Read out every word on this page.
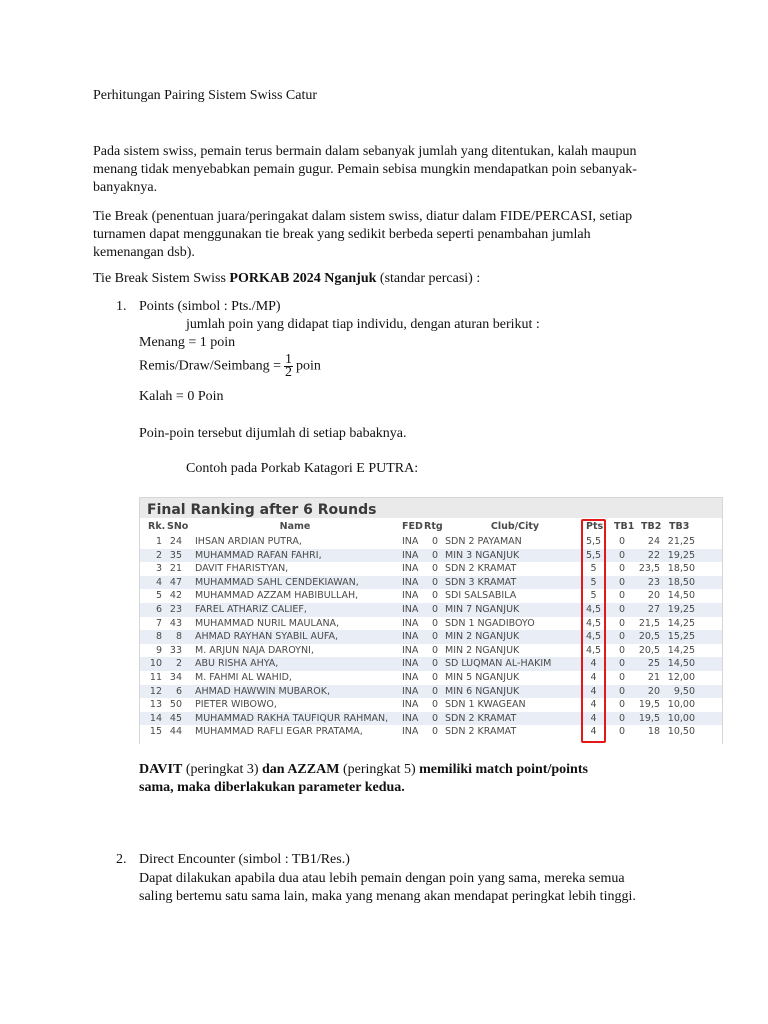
Perhitungan Pairing Sistem Swiss Catur
Pada sistem swiss, pemain terus bermain dalam sebanyak jumlah yang ditentukan, kalah maupun menang tidak menyebabkan pemain gugur. Pemain sebisa mungkin mendapatkan poin sebanyak-banyaknya.
Tie Break (penentuan juara/peringakat dalam sistem swiss, diatur dalam FIDE/PERCASI, setiap turnamen dapat menggunakan tie break yang sedikit berbeda seperti penambahan jumlah kemenangan dsb).
Tie Break Sistem Swiss PORKAB 2024 Nganjuk (standar percasi) :
1. Points (simbol : Pts./MP)
jumlah poin yang didapat tiap individu, dengan aturan berikut :
Menang = 1 poin
Remis/Draw/Seimbang = $\frac{1}{2}$ poin
Kalah = 0 Poin
Poin-poin tersebut dijumlah di setiap babaknya.
Contoh pada Porkab Katagori E PUTRA:
Final Ranking after 6 Rounds
Rk. SNo	Name	FED Rtg	Club/City	Pts. TB1 TB2 TB3
1 24 IHSAN ARDIAN PUTRA,	INA	0 SDN 2 PAYAMAN	5,5	0	24 21,25
2 35 MUHAMMAD RAFAN FAHRI,	INA	0 MIN 3 NGANJUK	5,5	0	22 19,25
3 21 DAVIT FHARISTYAN,	INA	0 SDN 2 KRAMAT	5	0	23,5 18,50
4 47 MUHAMMAD SAHL CENDEKIAWAN,	INA	0 SDN 3 KRAMAT	5	0	23 18,50
5 42 MUHAMMAD AZZAM HABIBULLAH,	INA	0 SDI SALSABILA	5	0	20 14,50
6 23 FAREL ATHARIZ CALIEF,	INA	0 MIN 7 NGANJUK	4,5	0	27 19,25
7 43 MUHAMMAD NURIL MAULANA,	INA	0 SDN 1 NGADIBOYO	4,5	0	21,5 14,25
8	8 AHMAD RAYHAN SYABIL AUFA,	INA	0 MIN 2 NGANJUK	4,5	0	20,5 15,25
9 33 M. ARJUN NAJA DAROYNI,	INA	0 MIN 2 NGANJUK	4,5	0	20,5 14,25
10	2 ABU RISHA AHYA,	INA	0 SD LUQMAN AL-HAKIM	4	0	25 14,50
11 34 M. FAHMI AL WAHID,	INA	0 MIN 5 NGANJUK	4	0	21 12,00
12	6 AHMAD HAWWIN MUBAROK,	INA	0 MIN 6 NGANJUK	4	0	20	9,50
13 50 PIETER WIBOWO,	INA	0 SDN 1 KWAGEAN	4	0	19,5 10,00
14 45 MUHAMMAD RAKHA TAUFIQUR RAHMAN,	INA	0 SDN 2 KRAMAT	4	0	19,5 10,00
15 44 MUHAMMAD RAFLI EGAR PRATAMA,	INA	0 SDN 2 KRAMAT	4	0	18 10,50
DAVIT (peringkat 3) dan AZZAM (peringkat 5) memiliki match point/points
sama, maka diberlakukan parameter kedua.
2. Direct Encounter (simbol : TB1/Res.)
Dapat dilakukan apabila dua atau lebih pemain dengan poin yang sama, mereka semua saling bertemu satu sama lain, maka yang menang akan mendapat peringkat lebih tinggi.
